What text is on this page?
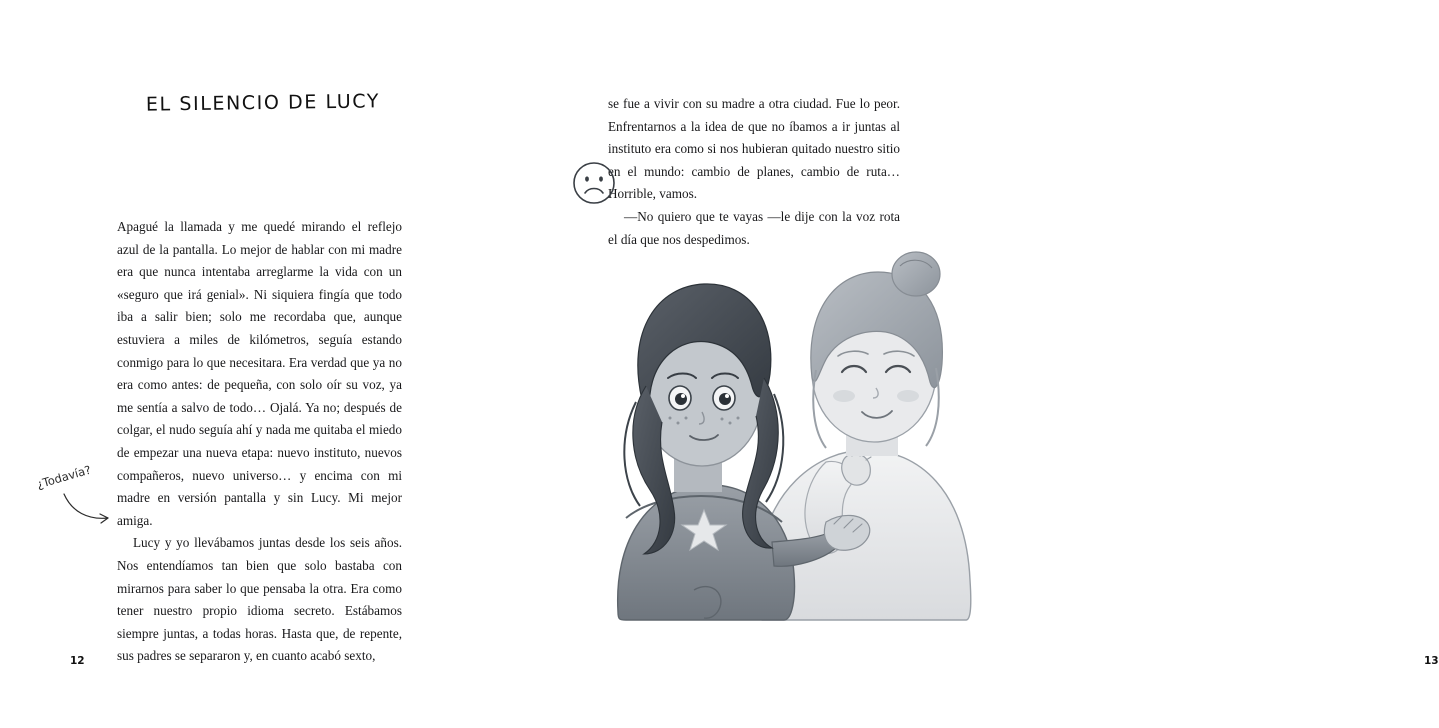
EL SILENCIO DE LUCY

Apagué la llamada y me quedé mirando el reflejo azul de la pantalla. Lo mejor de hablar con mi madre era que nunca intentaba arreglarme la vida con un «seguro que irá genial». Ni siquiera fingía que todo iba a salir bien; solo me recordaba que, aunque estuviera a miles de kilómetros, seguía estando conmigo para lo que necesitara. Era verdad que ya no era como antes: de pequeña, con solo oír su voz, ya me sentía a salvo de todo… Ojalá. Ya no; después de colgar, el nudo seguía ahí y nada me quitaba el miedo de empezar una nueva etapa: nuevo instituto, nuevos compañeros, nuevo universo… y encima con mi madre en versión pantalla y sin Lucy. Mi mejor amiga.

Lucy y yo llevábamos juntas desde los seis años. Nos entendíamos tan bien que solo bastaba con mirarnos para saber lo que pensaba la otra. Era como tener nuestro propio idioma secreto. Estábamos siempre juntas, a todas horas. Hasta que, de repente, sus padres se separaron y, en cuanto acabó sexto,

¿Todavía?
12

se fue a vivir con su madre a otra ciudad. Fue lo peor. Enfrentarnos a la idea de que no íbamos a ir juntas al instituto era como si nos hubieran quitado nuestro sitio en el mundo: cambio de planes, cambio de ruta… Horrible, vamos.

—No quiero que te vayas —le dije con la voz rota el día que nos despedimos.

13
